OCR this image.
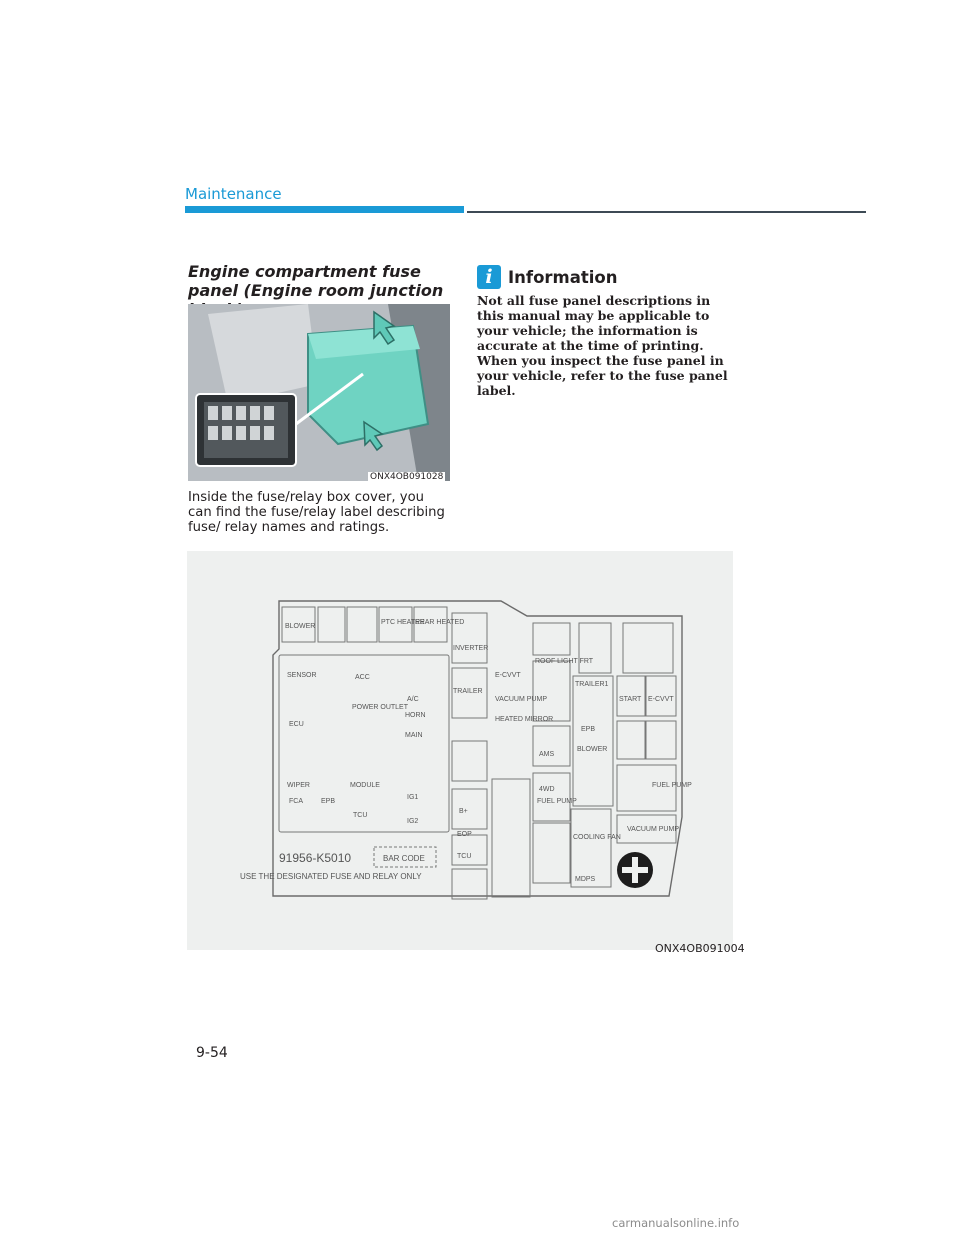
Maintenance
Engine compartment fuse panel (Engine room junction
ONX4OB091028
Inside the fuse/relay box cover, you can find the fuse/relay label describing fuse/ relay names and ratings.
i Information
Not all fuse panel descriptions in this manual may be applicable to your vehicle; the information is accurate at the time of printing. When you inspect the fuse panel in your vehicle, refer to the fuse panel label.
BLOWER
PTC HEATER
REAR HEATED
INVERTER
SENSOR
ECU
ACC
POWER OUTLET
A/C
HORN
MAIN
TRAILER
WIPER
FCA	EPB
MODULE
TCU
IG1
IG2
B+
EOP
TCU
E-CVVT
ROOF LIGHT FRT
VACUUM PUMP
HEATED MIRROR
AMS
4WD
FUEL PUMP
TRAILER1
EPB
BLOWER
START E-CVVT
COOLING FAN
MDPS
VACUUM PUMP
FUEL PUMP
91956-K5010	BAR CODE
USE THE DESIGNATED FUSE AND RELAY ONLY
ONX4OB091004
9-54
carmanualsonline.info
